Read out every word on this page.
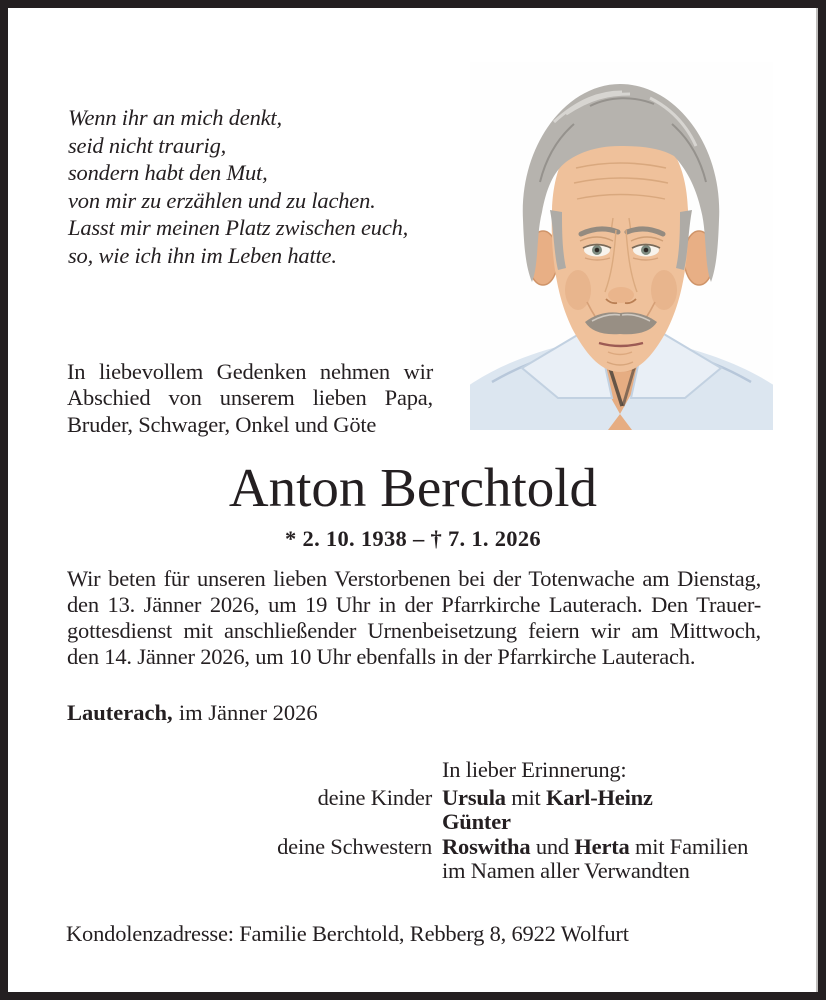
Wenn ihr an mich denkt,
seid nicht traurig,
sondern habt den Mut,
von mir zu erzählen und zu lachen.
Lasst mir meinen Platz zwischen euch,
so, wie ich ihn im Leben hatte.
In liebevollem Gedenken nehmen wir
Abschied von unserem lieben Papa,
Bruder, Schwager, Onkel und Göte
Anton Berchtold
* 2. 10. 1938 – † 7. 1. 2026
Wir beten für unseren lieben Verstorbenen bei der Totenwache am Dienstag,
den 13. Jänner 2026, um 19 Uhr in der Pfarrkirche Lauterach. Den Trauer-
gottesdienst mit anschließender Urnenbeisetzung feiern wir am Mittwoch,
den 14. Jänner 2026, um 10 Uhr ebenfalls in der Pfarrkirche Lauterach.
Lauterach, im Jänner 2026
In lieber Erinnerung:
deine Kinder Ursula mit Karl-Heinz
Günter
deine Schwestern Roswitha und Herta mit Familien
im Namen aller Verwandten
Kondolenzadresse: Familie Berchtold, Rebberg 8, 6922 Wolfurt
